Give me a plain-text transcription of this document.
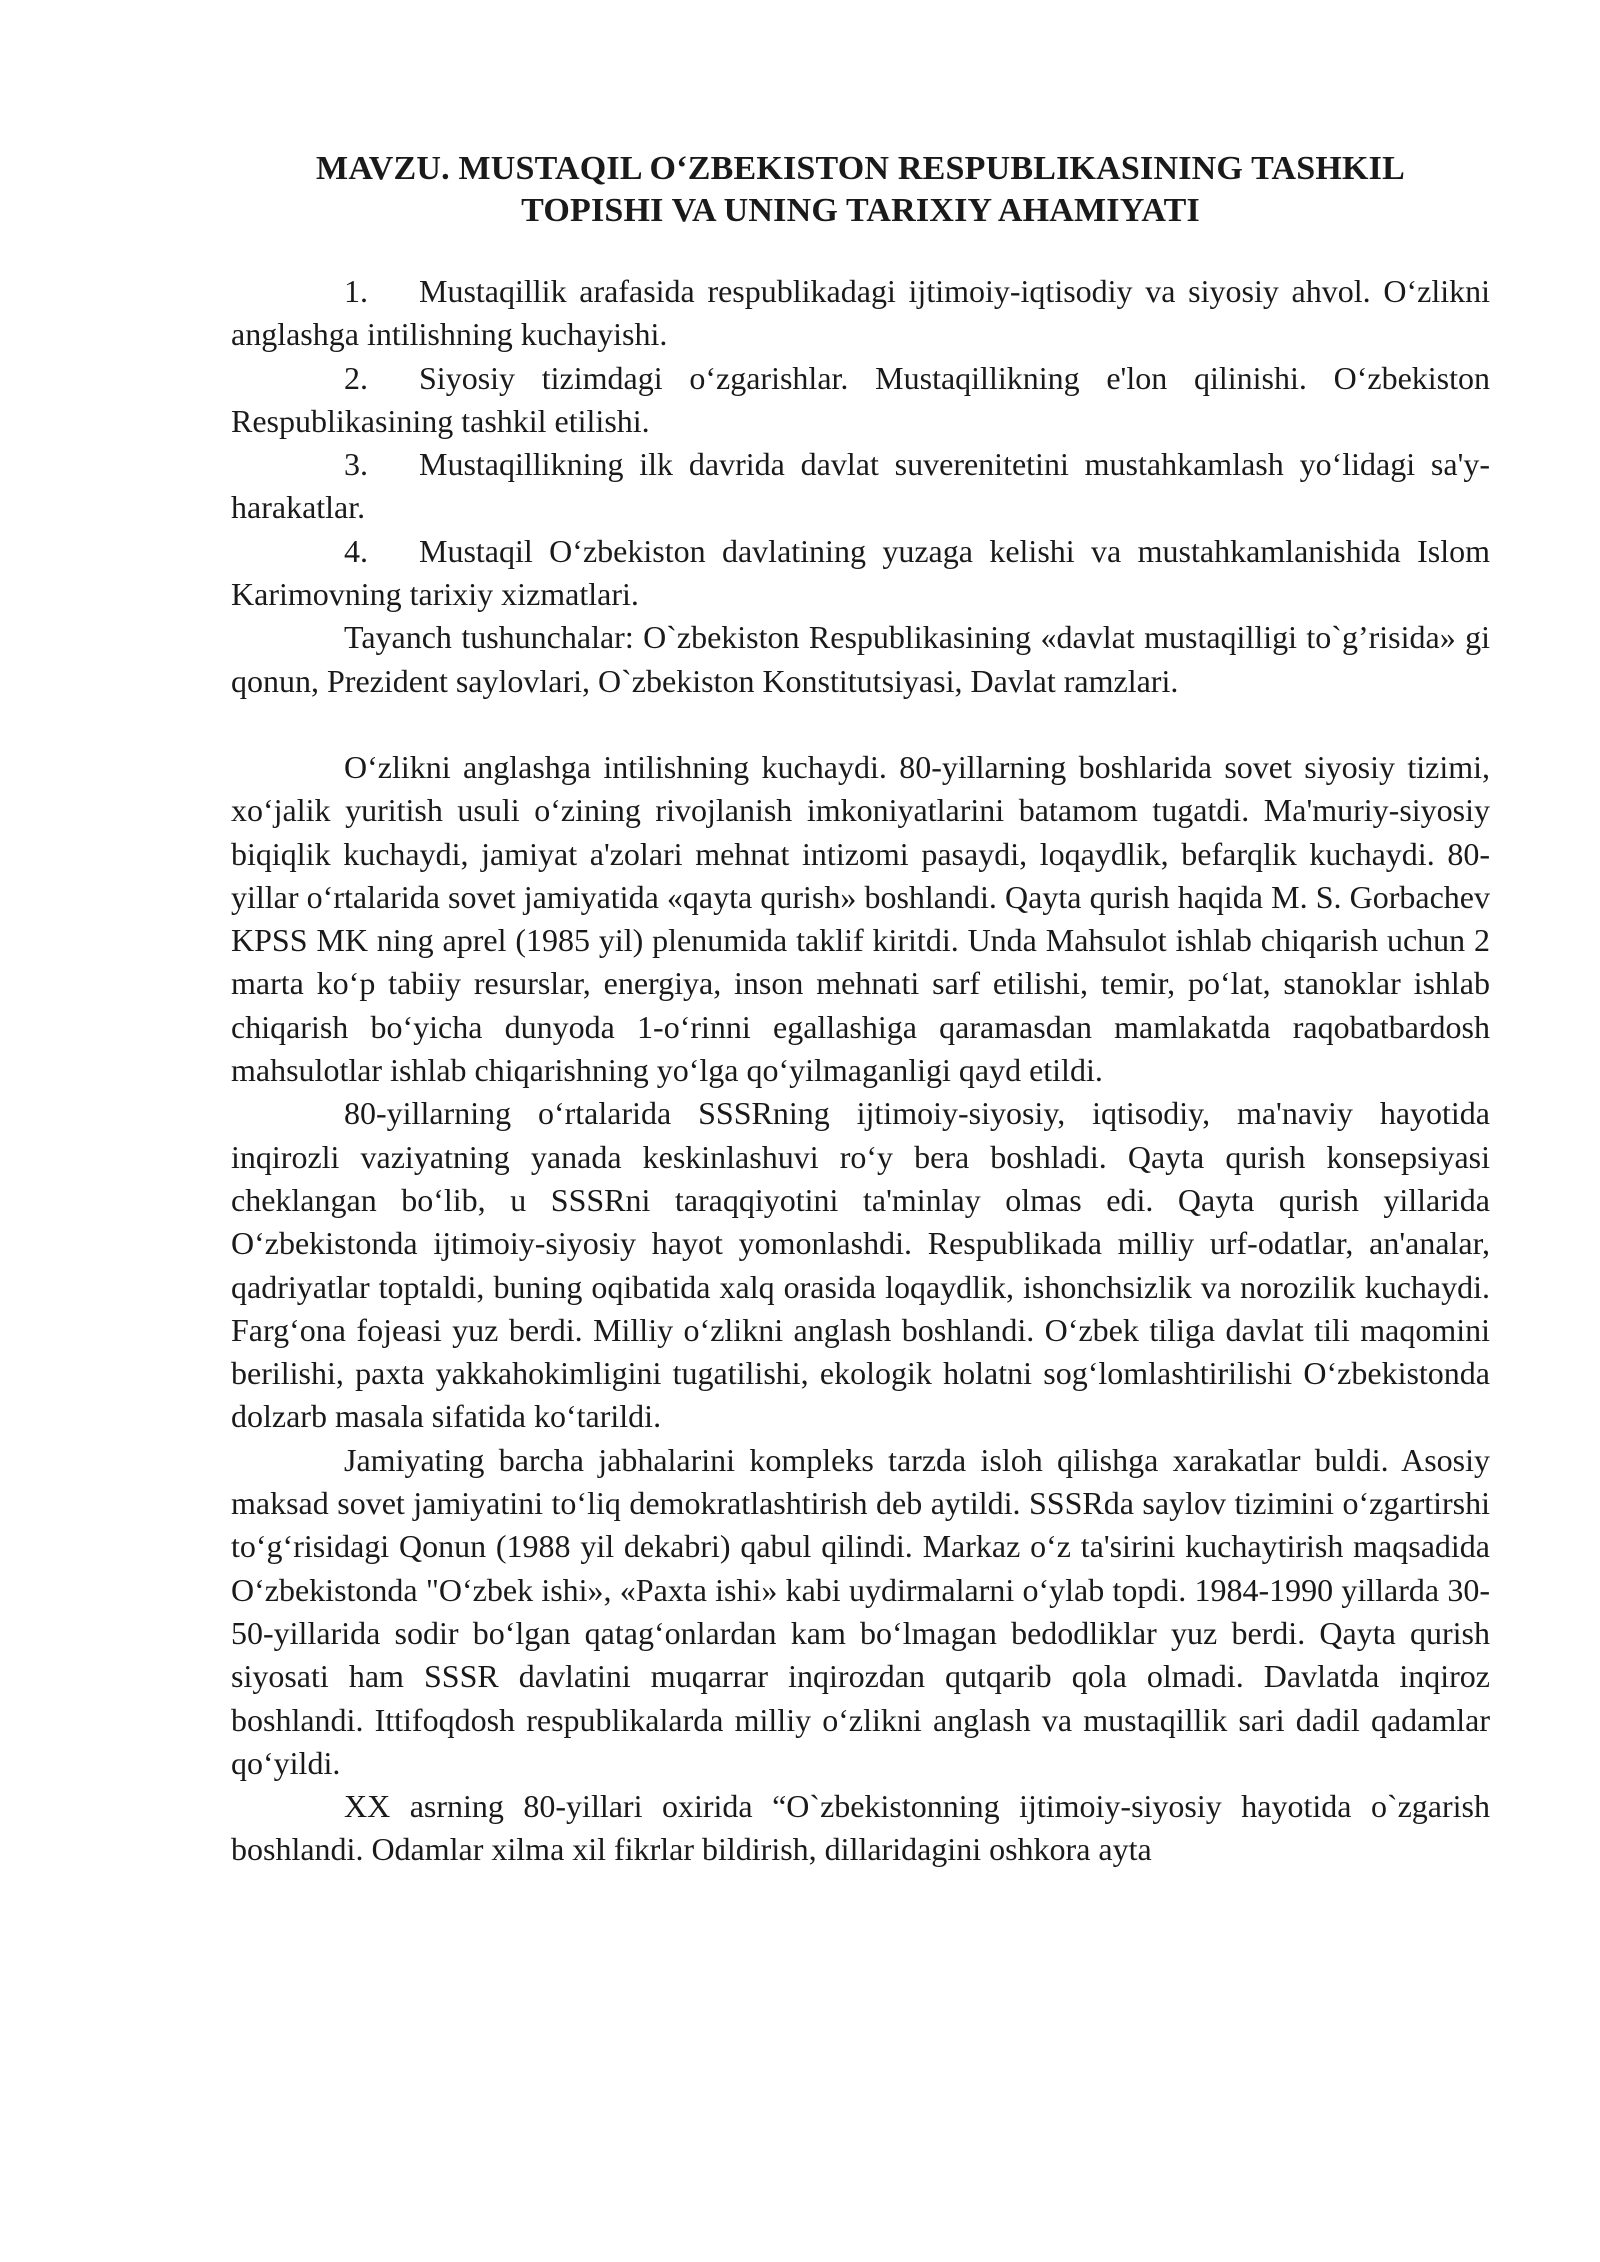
MAVZU. MUSTAQIL O‘ZBEKISTON RESPUBLIKASINING TASHKIL
TOPISHI VA UNING TARIXIY AHAMIYATI

1. Mustaqillik arafasida respublikadagi ijtimoiy-iqtisodiy va siyosiy ahvol. O‘zlikni anglashga intilishning kuchayishi.

2. Siyosiy tizimdagi o‘zgarishlar. Mustaqillikning e'lon qilinishi. O‘zbekiston Respublikasining tashkil etilishi.

3. Mustaqillikning ilk davrida davlat suverenitetini mustahkamlash yo‘lidagi sa'y-harakatlar.

4. Mustaqil O‘zbekiston davlatining yuzaga kelishi va mustahkamlanishida Islom Karimovning tarixiy xizmatlari.

Tayanch tushunchalar: O`zbekiston Respublikasining «davlat mustaqilligi to`g’risida» gi qonun, Prezident saylovlari, O`zbekiston Konstitutsiyasi, Davlat ramzlari.

O‘zlikni anglashga intilishning kuchaydi. 80-yillarning boshlarida sovet siyosiy tizimi, xo‘jalik yuritish usuli o‘zining rivojlanish imkoniyatlarini batamom tugatdi. Ma'muriy-siyosiy biqiqlik kuchaydi, jamiyat a'zolari mehnat intizomi pasaydi, loqaydlik, befarqlik kuchaydi. 80-yillar o‘rtalarida sovet jamiyatida «qayta qurish» boshlandi. Qayta qurish haqida M. S. Gorbachev KPSS MK ning aprel (1985 yil) plenumida taklif kiritdi. Unda Mahsulot ishlab chiqarish uchun 2 marta ko‘p tabiiy resurslar, energiya, inson mehnati sarf etilishi, temir, po‘lat, stanoklar ishlab chiqarish bo‘yicha dunyoda 1-o‘rinni egallashiga qaramasdan mamlakatda raqobatbardosh mahsulotlar ishlab chiqarishning yo‘lga qo‘yilmaganligi qayd etildi.

80-yillarning o‘rtalarida SSSRning ijtimoiy-siyosiy, iqtisodiy, ma'naviy hayotida inqirozli vaziyatning yanada keskinlashuvi ro‘y bera boshladi. Qayta qurish konsepsiyasi cheklangan bo‘lib, u SSSRni taraqqiyotini ta'minlay olmas edi. Qayta qurish yillarida O‘zbekistonda ijtimoiy-siyosiy hayot yomonlashdi. Respublikada milliy urf-odatlar, an'analar, qadriyatlar toptaldi, buning oqibatida xalq orasida loqaydlik, ishonchsizlik va norozilik kuchaydi. Farg‘ona fojeasi yuz berdi. Milliy o‘zlikni anglash boshlandi. O‘zbek tiliga davlat tili maqomini berilishi, paxta yakkahokimligini tugatilishi, ekologik holatni sog‘lomlashtirilishi O‘zbekistonda dolzarb masala sifatida ko‘tarildi.

Jamiyating barcha jabhalarini kompleks tarzda isloh qilishga xarakatlar buldi. Asosiy maksad sovet jamiyatini to‘liq demokratlashtirish deb aytildi. SSSRda saylov tizimini o‘zgartirshi to‘g‘risidagi Qonun (1988 yil dekabri) qabul qilindi. Markaz o‘z ta'sirini kuchaytirish maqsadida O‘zbekistonda "O‘zbek ishi», «Paxta ishi» kabi uydirmalarni o‘ylab topdi. 1984-1990 yillarda 30-50-yillarida sodir bo‘lgan qatag‘onlardan kam bo‘lmagan bedodliklar yuz berdi. Qayta qurish siyosati ham SSSR davlatini muqarrar inqirozdan qutqarib qola olmadi. Davlatda inqiroz boshlandi. Ittifoqdosh respublikalarda milliy o‘zlikni anglash va mustaqillik sari dadil qadamlar qo‘yildi.

XX asrning 80-yillari oxirida “O`zbekistonning ijtimoiy-siyosiy hayotida o`zgarish boshlandi. Odamlar xilma xil fikrlar bildirish, dillaridagini oshkora ayta
